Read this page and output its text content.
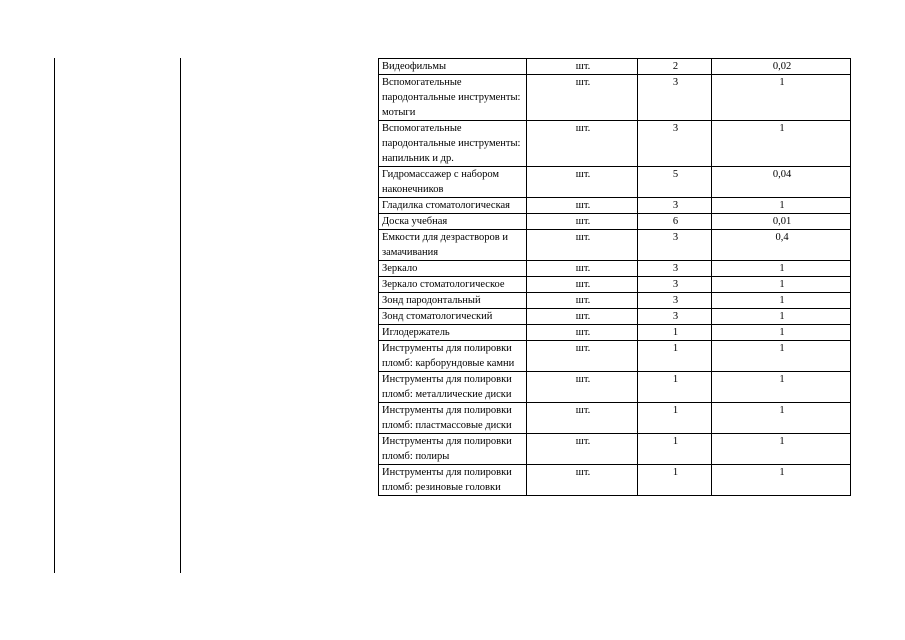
Видеофильмы	шт.	2	0,02
Вспомогательные пародонтальные инструменты: мотыги	шт.	3	1
Вспомогательные пародонтальные инструменты: напильник и др.	шт.	3	1
Гидромассажер с набором наконечников	шт.	5	0,04
Гладилка стоматологическая	шт.	3	1
Доска учебная	шт.	6	0,01
Емкости для дезрастворов и замачивания	шт.	3	0,4
Зеркало	шт.	3	1
Зеркало стоматологическое	шт.	3	1
Зонд пародонтальный	шт.	3	1
Зонд стоматологический	шт.	3	1
Иглодержатель	шт.	1	1
Инструменты для полировки пломб: карборундовые камни	шт.	1	1
Инструменты для полировки пломб: металлические диски	шт.	1	1
Инструменты для полировки пломб: пластмассовые диски	шт.	1	1
Инструменты для полировки пломб: полиры	шт.	1	1
Инструменты для полировки пломб: резиновые головки	шт.	1	1
